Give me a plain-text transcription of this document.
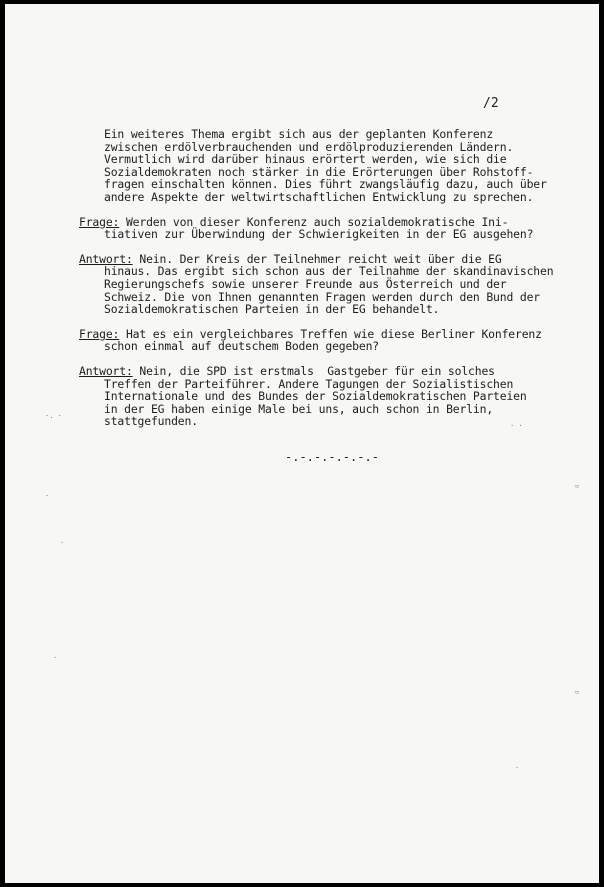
/2
Ein weiteres Thema ergibt sich aus der geplanten Konferenz
zwischen erdölverbrauchenden und erdölproduzierenden Ländern.
Vermutlich wird darüber hinaus erörtert werden, wie sich die
Sozialdemokraten noch stärker in die Erörterungen über Rohstoff-
fragen einschalten können. Dies führt zwangsläufig dazu, auch über
andere Aspekte der weltwirtschaftlichen Entwicklung zu sprechen.
Frage: Werden von dieser Konferenz auch sozialdemokratische Ini-
tiativen zur Überwindung der Schwierigkeiten in der EG ausgehen?
Antwort: Nein. Der Kreis der Teilnehmer reicht weit über die EG
hinaus. Das ergibt sich schon aus der Teilnahme der skandinavischen
Regierungschefs sowie unserer Freunde aus Österreich und der
Schweiz. Die von Ihnen genannten Fragen werden durch den Bund der
Sozialdemokratischen Parteien in der EG behandelt.
Frage: Hat es ein vergleichbares Treffen wie diese Berliner Konferenz
schon einmal auf deutschem Boden gegeben?
Antwort: Nein, die SPD ist erstmals  Gastgeber für ein solches
Treffen der Parteiführer. Andere Tagungen der Sozialistischen
Internationale und des Bundes der Sozialdemokratischen Parteien
in der EG haben einige Male bei uns, auch schon in Berlin,
stattgefunden.
-.-.-.-.-.-.-
·. ·
·
·
·
▫
▫
· ·
·
